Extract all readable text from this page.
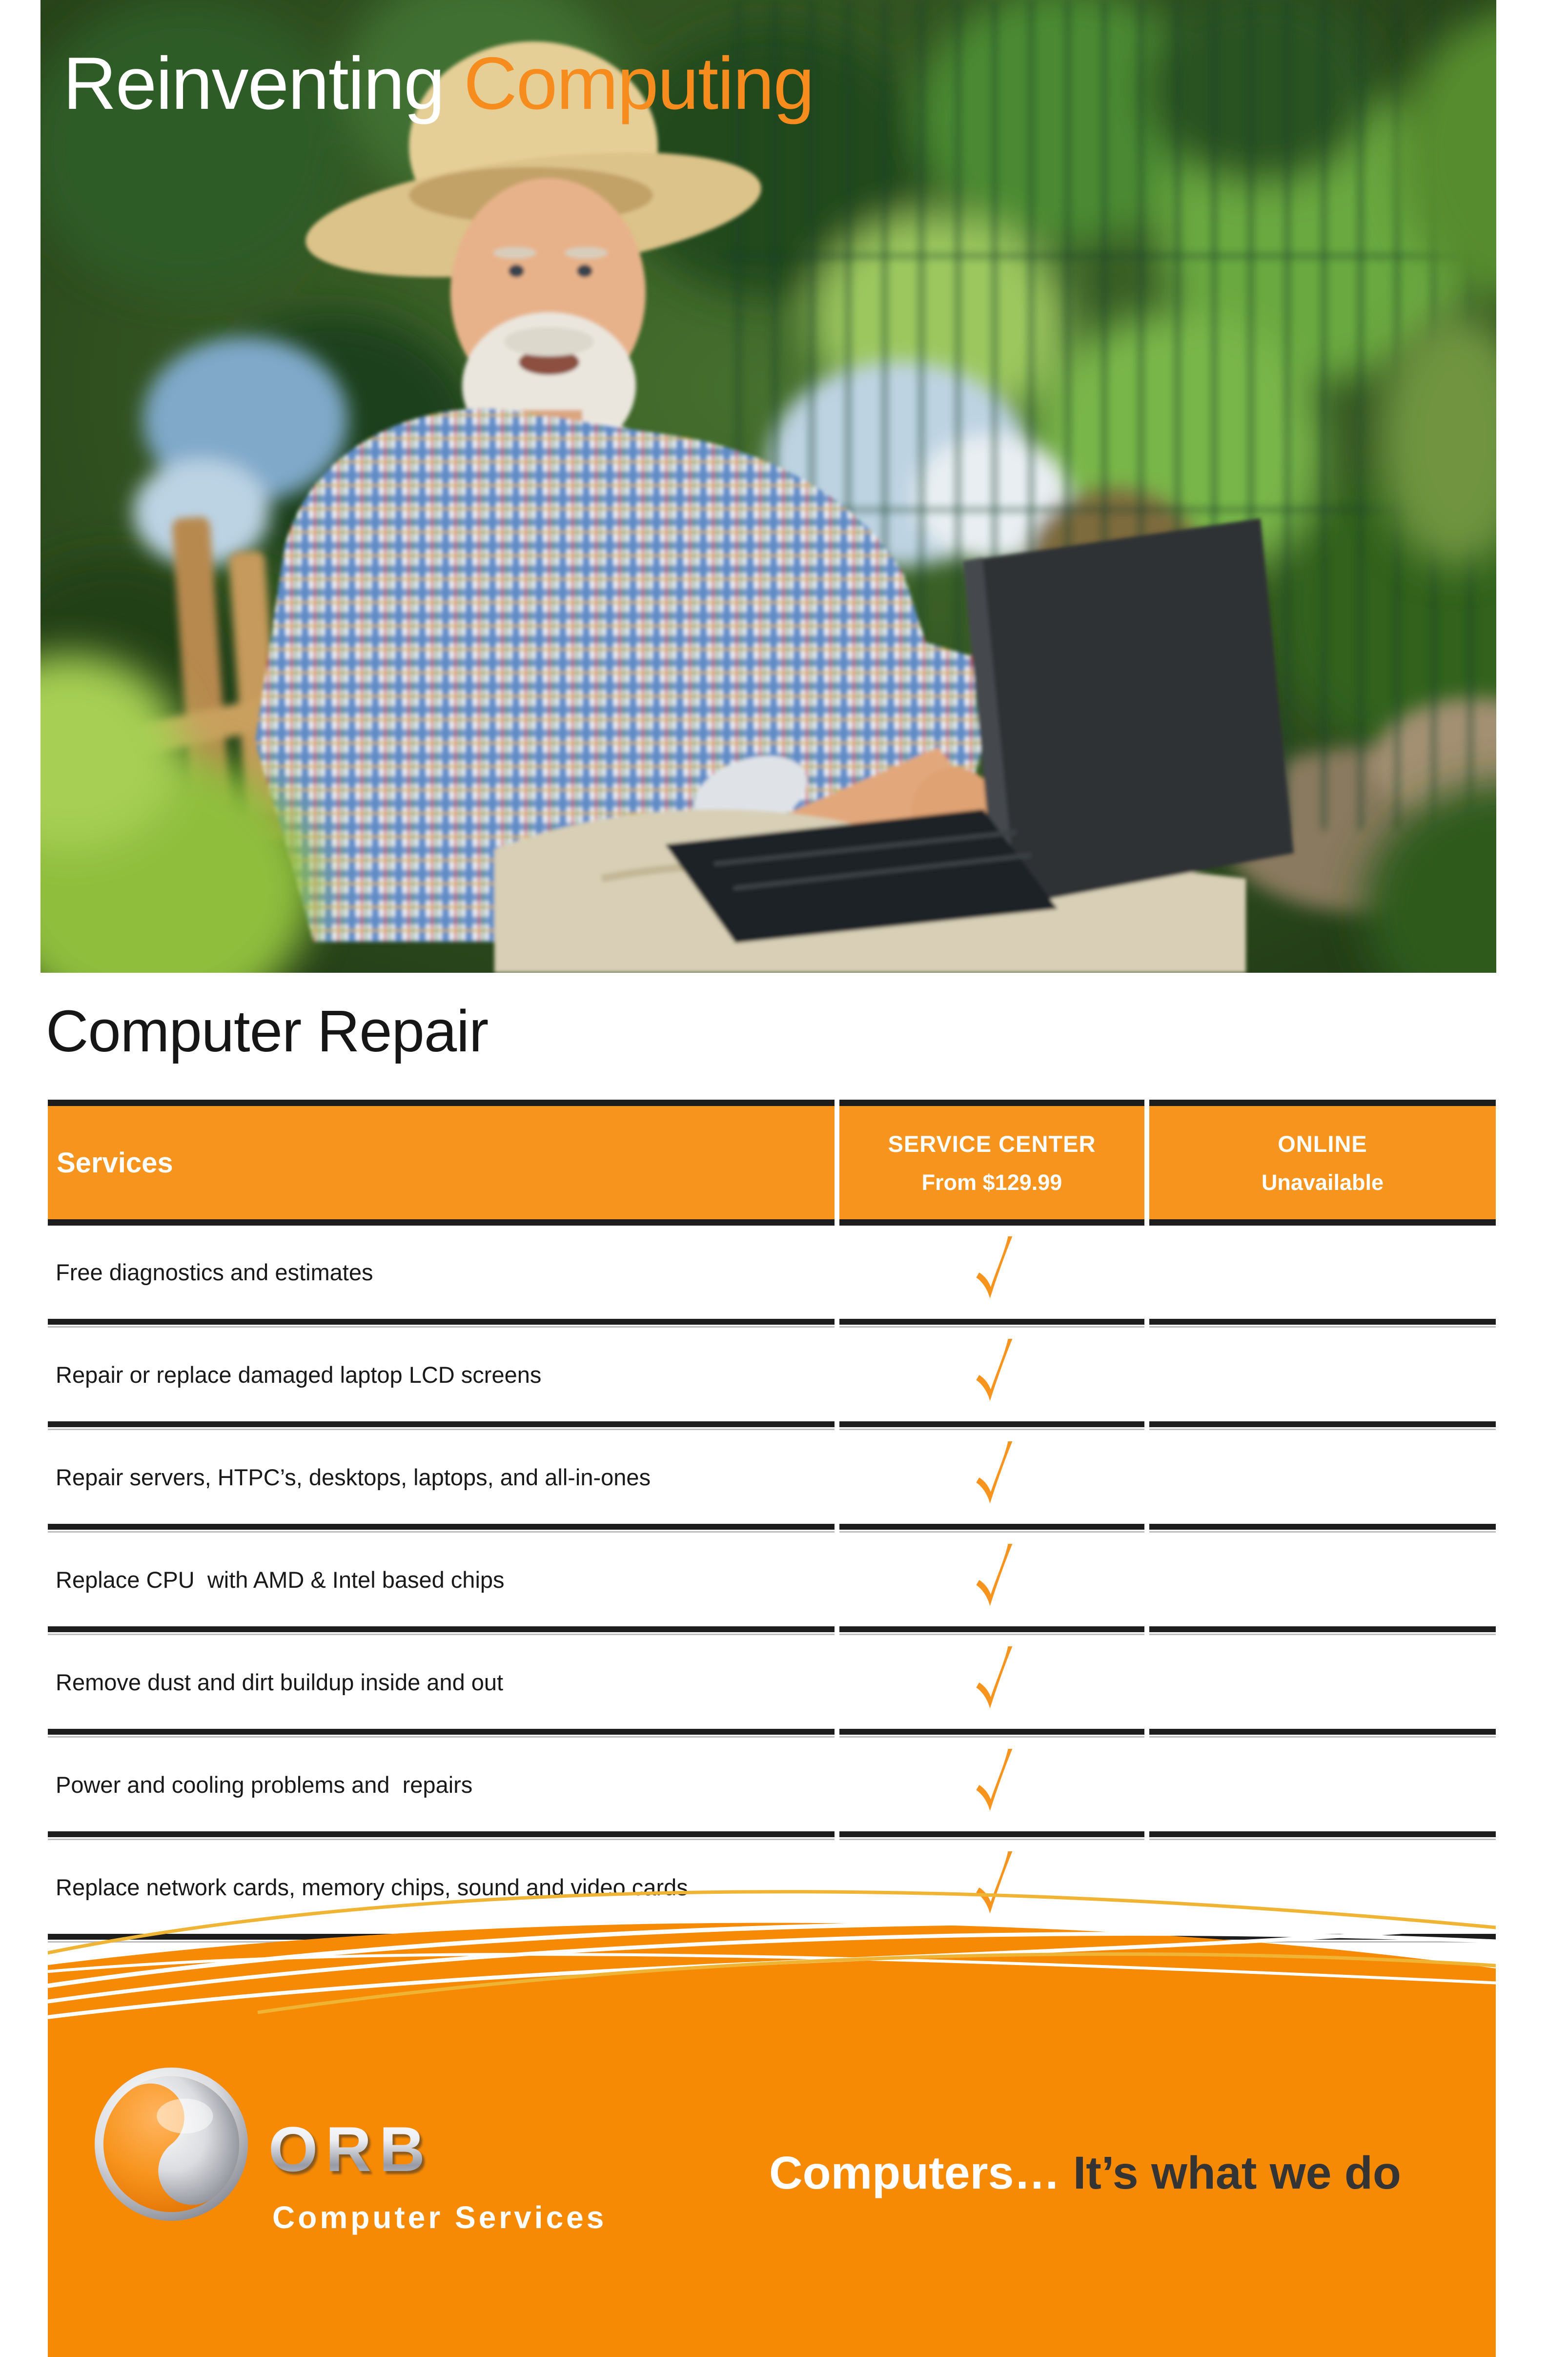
Reinventing Computing
Computer Repair
Services
SERVICE CENTER
From $129.99
ONLINE
Unavailable
Free diagnostics and estimates
Repair or replace damaged laptop LCD screens
Repair servers, HTPC’s, desktops, laptops, and all-in-ones
Replace CPU  with AMD & Intel based chips
Remove dust and dirt buildup inside and out
Power and cooling problems and  repairs
Replace network cards, memory chips, sound and video cards
ORB
Computer Services
Computers… It’s what we do
